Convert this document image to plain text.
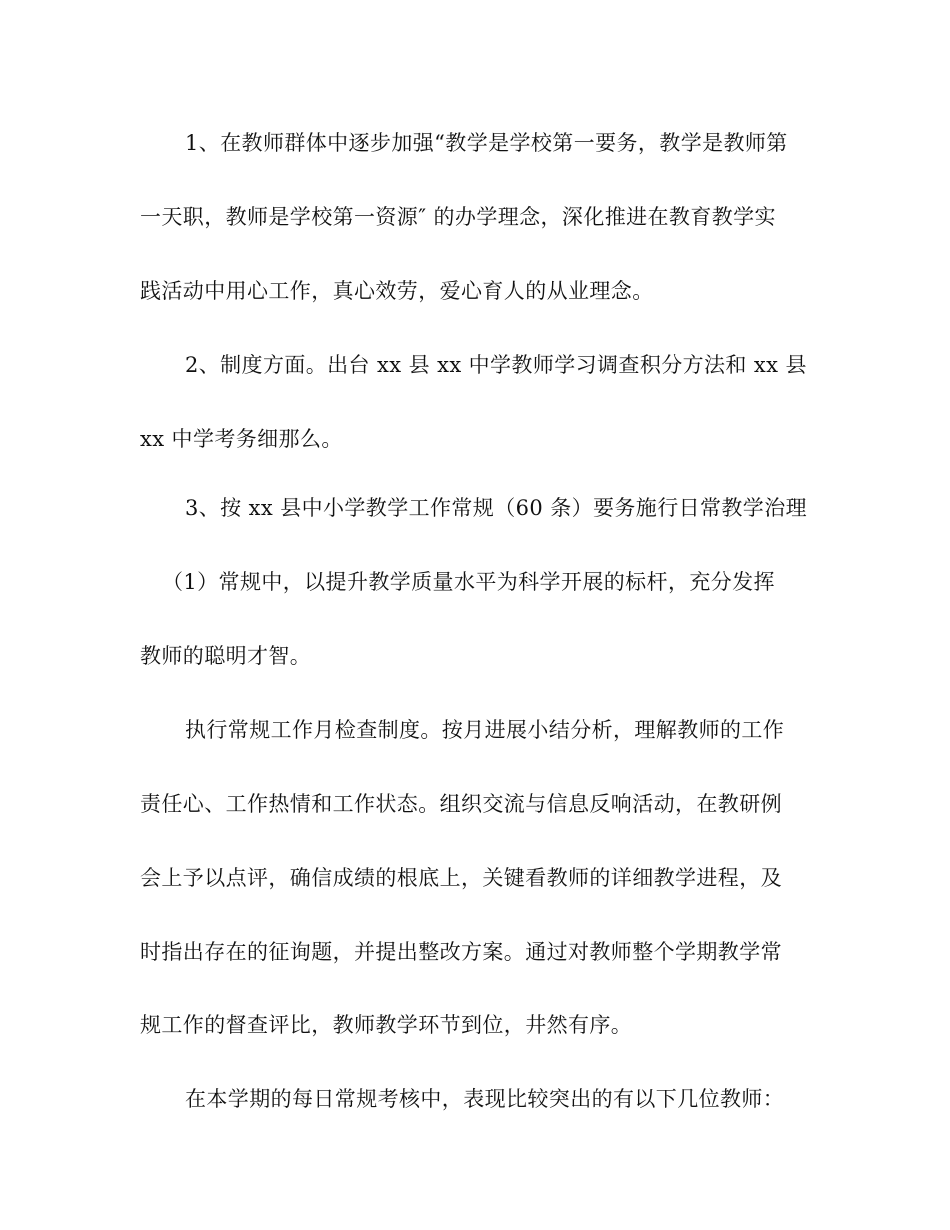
1、在教师群体中逐步加强“教学是学校第一要务，教学是教师第
一天职，教师是学校第一资源″ 的办学理念，深化推进在教育教学实
践活动中用心工作，真心效劳，爱心育人的从业理念。
2、制度方面。出台 xx 县 xx 中学教师学习调查积分方法和 xx 县
xx 中学考务细那么。
3、按 xx 县中小学教学工作常规（60 条）要务施行日常教学治理
（1）常规中，以提升教学质量水平为科学开展的标杆，充分发挥
教师的聪明才智。
执行常规工作月检查制度。按月进展小结分析，理解教师的工作
责任心、工作热情和工作状态。组织交流与信息反响活动，在教研例
会上予以点评，确信成绩的根底上，关键看教师的详细教学进程，及
时指出存在的征询题，并提出整改方案。通过对教师整个学期教学常
规工作的督查评比，教师教学环节到位，井然有序。
在本学期的每日常规考核中，表现比较突出的有以下几位教师：
